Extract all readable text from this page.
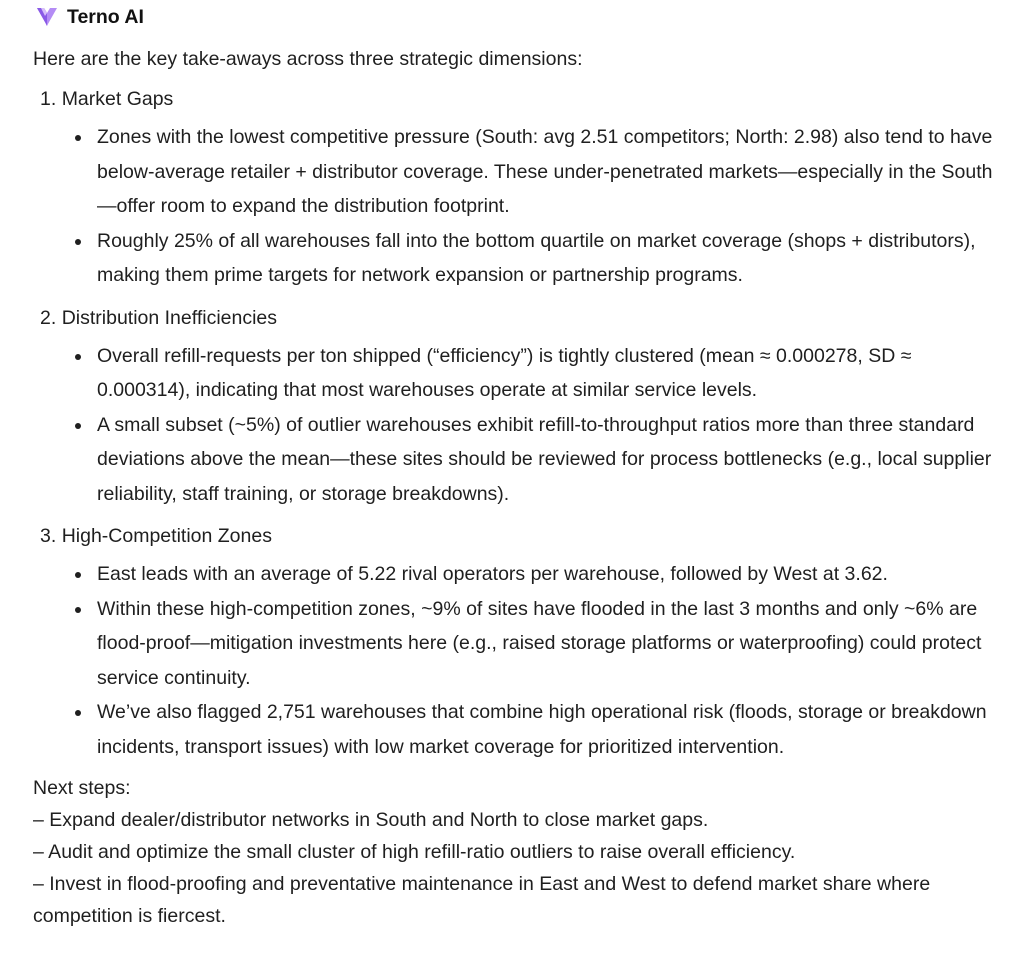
Terno AI
Here are the key take-aways across three strategic dimensions:
1. Market Gaps
Zones with the lowest competitive pressure (South: avg 2.51 competitors; North: 2.98) also tend to have below-average retailer + distributor coverage. These under-penetrated markets—especially in the South—offer room to expand the distribution footprint.
Roughly 25% of all warehouses fall into the bottom quartile on market coverage (shops + distributors), making them prime targets for network expansion or partnership programs.
2. Distribution Inefficiencies
Overall refill-requests per ton shipped (“efficiency”) is tightly clustered (mean ≈ 0.000278, SD ≈ 0.000314), indicating that most warehouses operate at similar service levels.
A small subset (~5%) of outlier warehouses exhibit refill-to-throughput ratios more than three standard deviations above the mean—these sites should be reviewed for process bottlenecks (e.g., local supplier reliability, staff training, or storage breakdowns).
3. High-Competition Zones
East leads with an average of 5.22 rival operators per warehouse, followed by West at 3.62.
Within these high-competition zones, ~9% of sites have flooded in the last 3 months and only ~6% are flood-proof—mitigation investments here (e.g., raised storage platforms or waterproofing) could protect service continuity.
We’ve also flagged 2,751 warehouses that combine high operational risk (floods, storage or breakdown incidents, transport issues) with low market coverage for prioritized intervention.
Next steps:
– Expand dealer/distributor networks in South and North to close market gaps.
– Audit and optimize the small cluster of high refill-ratio outliers to raise overall efficiency.
– Invest in flood-proofing and preventative maintenance in East and West to defend market share where competition is fiercest.
